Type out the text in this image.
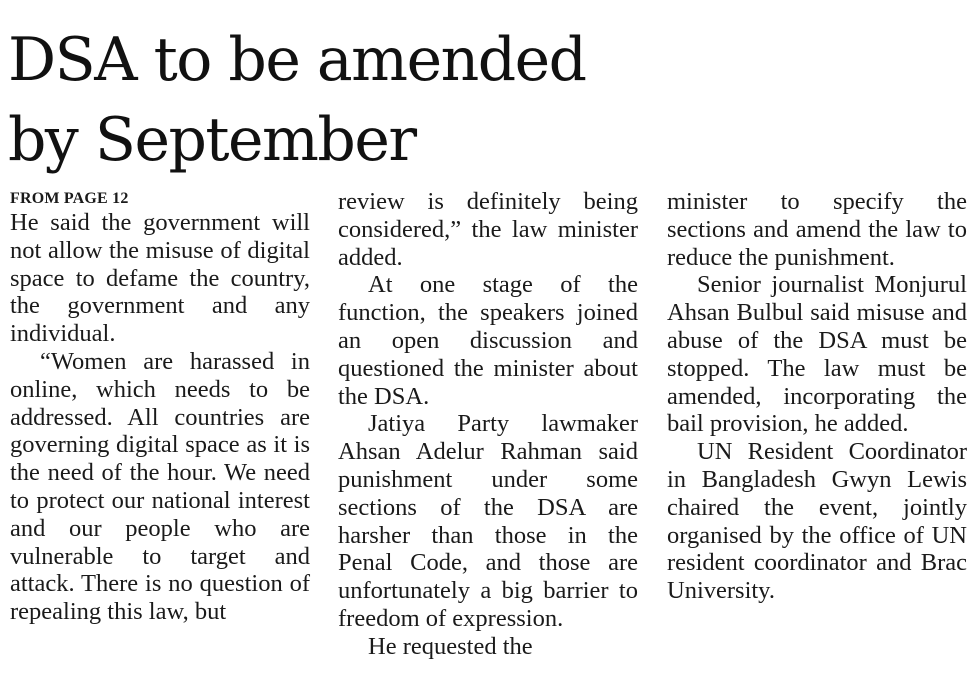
DSA to be amended
by September
FROM PAGE 12

He said the government will not allow the misuse of digital space to defame the country, the government and any individual.

“Women are harassed in online, which needs to be addressed. All countries are governing digital space as it is the need of the hour. We need to protect our national interest and our people who are vulnerable to target and attack. There is no question of repealing this law, but

review is definitely being considered,” the law minister added.

At one stage of the function, the speakers joined an open discussion and questioned the minister about the DSA.

Jatiya Party lawmaker Ahsan Adelur Rahman said punishment under some sections of the DSA are harsher than those in the Penal Code, and those are unfortunately a big barrier to freedom of expression.

He requested the

minister to specify the sections and amend the law to reduce the punishment.

Senior journalist Monjurul Ahsan Bulbul said misuse and abuse of the DSA must be stopped. The law must be amended, incorporating the bail provision, he added.

UN Resident Coordinator in Bangladesh Gwyn Lewis chaired the event, jointly organised by the office of UN resident coordinator and Brac University.
